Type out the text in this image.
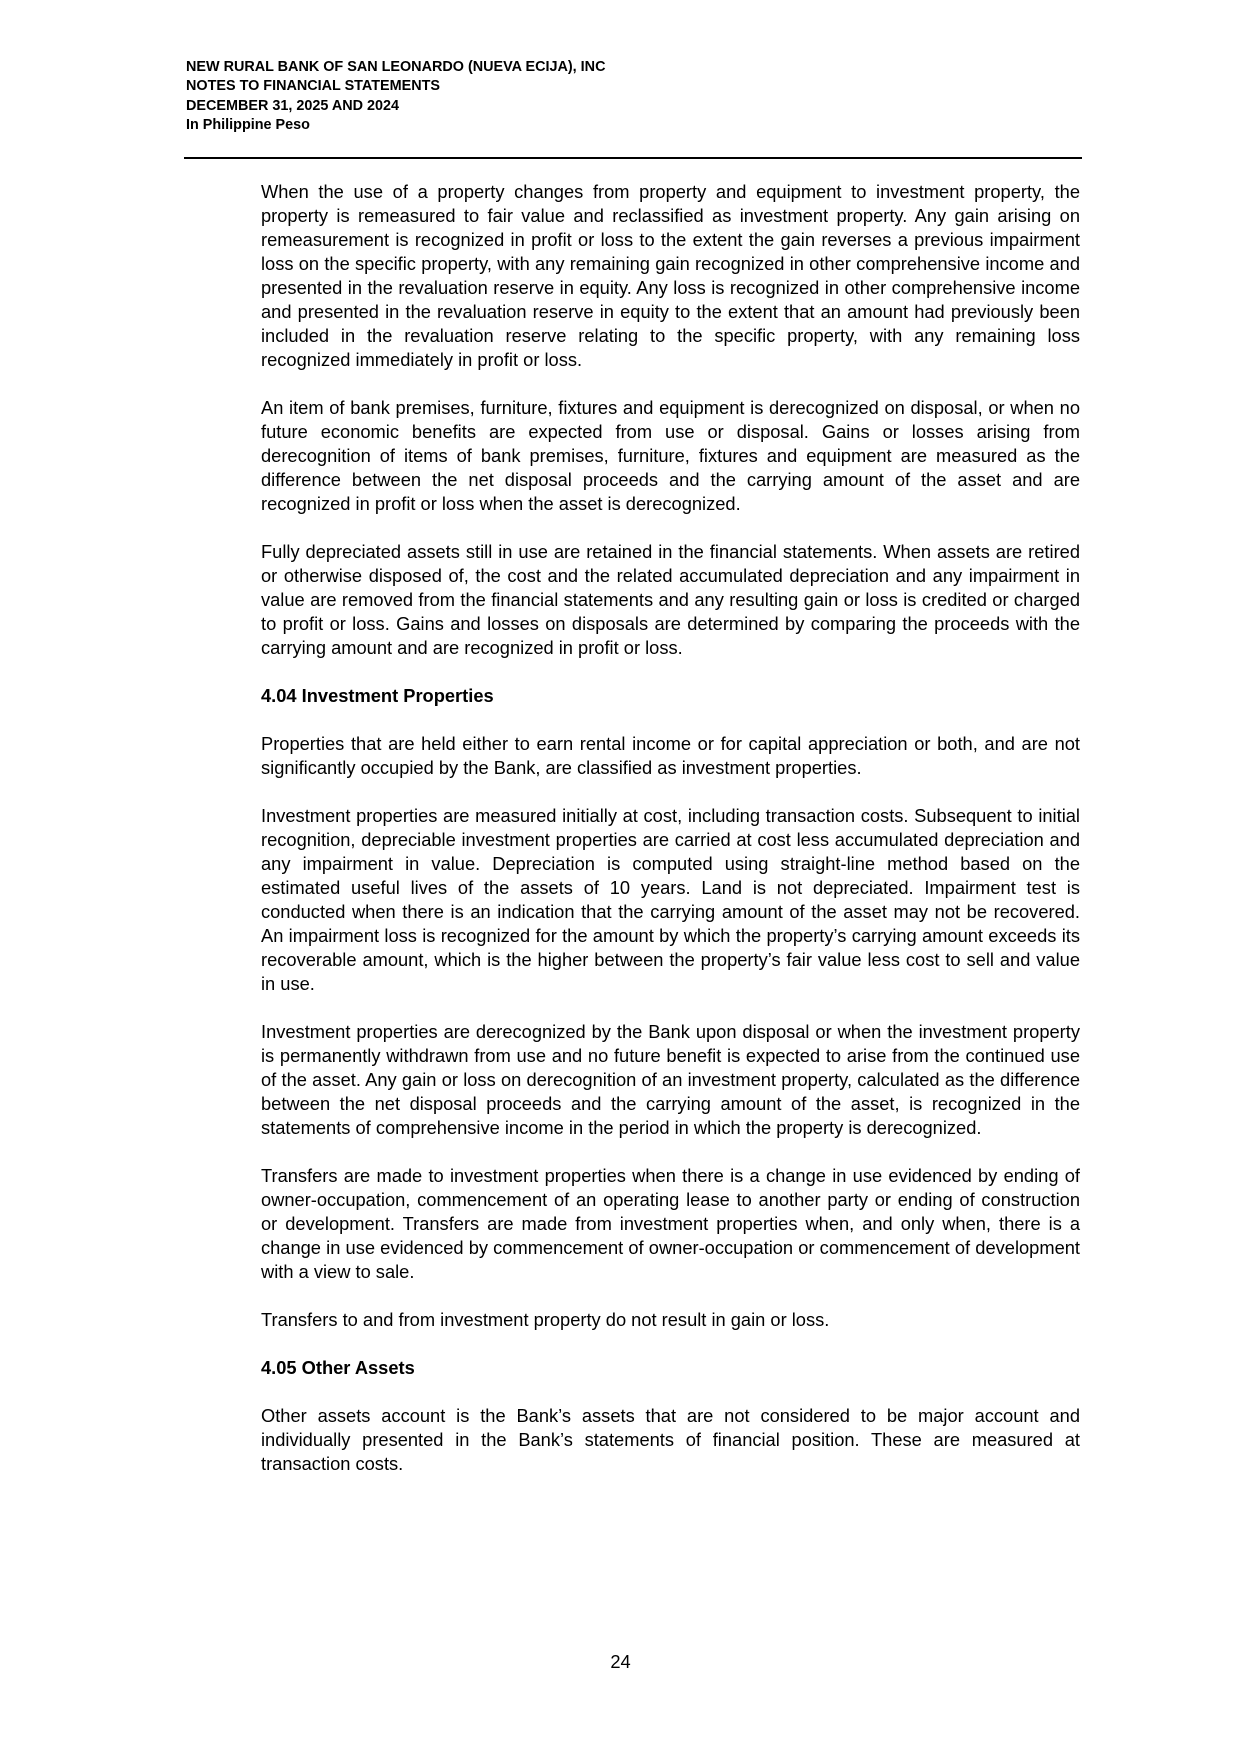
NEW RURAL BANK OF SAN LEONARDO (NUEVA ECIJA), INC
NOTES TO FINANCIAL STATEMENTS
DECEMBER 31, 2025 AND 2024
In Philippine Peso

When the use of a property changes from property and equipment to investment property, the property is remeasured to fair value and reclassified as investment property. Any gain arising on remeasurement is recognized in profit or loss to the extent the gain reverses a previous impairment loss on the specific property, with any remaining gain recognized in other comprehensive income and presented in the revaluation reserve in equity. Any loss is recognized in other comprehensive income and presented in the revaluation reserve in equity to the extent that an amount had previously been included in the revaluation reserve relating to the specific property, with any remaining loss recognized immediately in profit or loss.

An item of bank premises, furniture, fixtures and equipment is derecognized on disposal, or when no future economic benefits are expected from use or disposal. Gains or losses arising from derecognition of items of bank premises, furniture, fixtures and equipment are measured as the difference between the net disposal proceeds and the carrying amount of the asset and are recognized in profit or loss when the asset is derecognized.

Fully depreciated assets still in use are retained in the financial statements. When assets are retired or otherwise disposed of, the cost and the related accumulated depreciation and any impairment in value are removed from the financial statements and any resulting gain or loss is credited or charged to profit or loss. Gains and losses on disposals are determined by comparing the proceeds with the carrying amount and are recognized in profit or loss.

4.04 Investment Properties

Properties that are held either to earn rental income or for capital appreciation or both, and are not significantly occupied by the Bank, are classified as investment properties.

Investment properties are measured initially at cost, including transaction costs. Subsequent to initial recognition, depreciable investment properties are carried at cost less accumulated depreciation and any impairment in value. Depreciation is computed using straight-line method based on the estimated useful lives of the assets of 10 years. Land is not depreciated. Impairment test is conducted when there is an indication that the carrying amount of the asset may not be recovered. An impairment loss is recognized for the amount by which the property’s carrying amount exceeds its recoverable amount, which is the higher between the property’s fair value less cost to sell and value in use.

Investment properties are derecognized by the Bank upon disposal or when the investment property is permanently withdrawn from use and no future benefit is expected to arise from the continued use of the asset. Any gain or loss on derecognition of an investment property, calculated as the difference between the net disposal proceeds and the carrying amount of the asset, is recognized in the statements of comprehensive income in the period in which the property is derecognized.

Transfers are made to investment properties when there is a change in use evidenced by ending of owner-occupation, commencement of an operating lease to another party or ending of construction or development. Transfers are made from investment properties when, and only when, there is a change in use evidenced by commencement of owner-occupation or commencement of development with a view to sale.

Transfers to and from investment property do not result in gain or loss.

4.05 Other Assets

Other assets account is the Bank’s assets that are not considered to be major account and individually presented in the Bank’s statements of financial position. These are measured at transaction costs.

24
